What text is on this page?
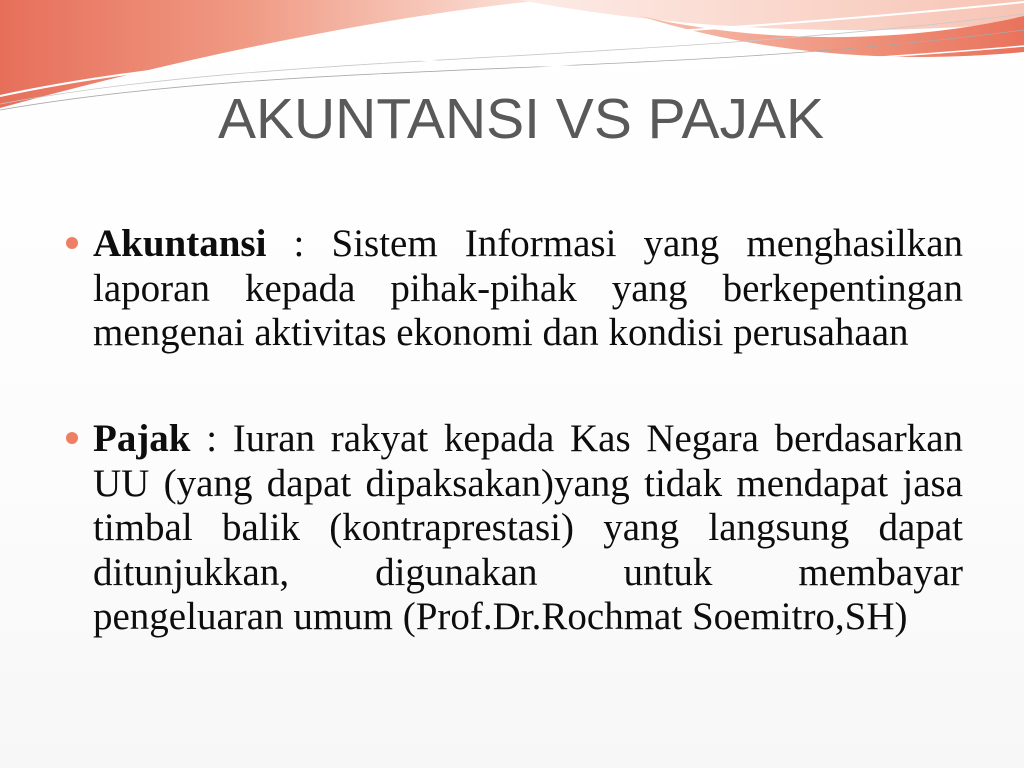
AKUNTANSI VS PAJAK
Akuntansi : Sistem Informasi yang menghasilkan
laporan kepada pihak-pihak yang berkepentingan
mengenai aktivitas ekonomi dan kondisi perusahaan
Pajak : Iuran rakyat kepada Kas Negara berdasarkan
UU (yang dapat dipaksakan)yang tidak mendapat jasa
timbal balik (kontraprestasi) yang langsung dapat
ditunjukkan, digunakan untuk membayar
pengeluaran umum (Prof.Dr.Rochmat Soemitro,SH)
